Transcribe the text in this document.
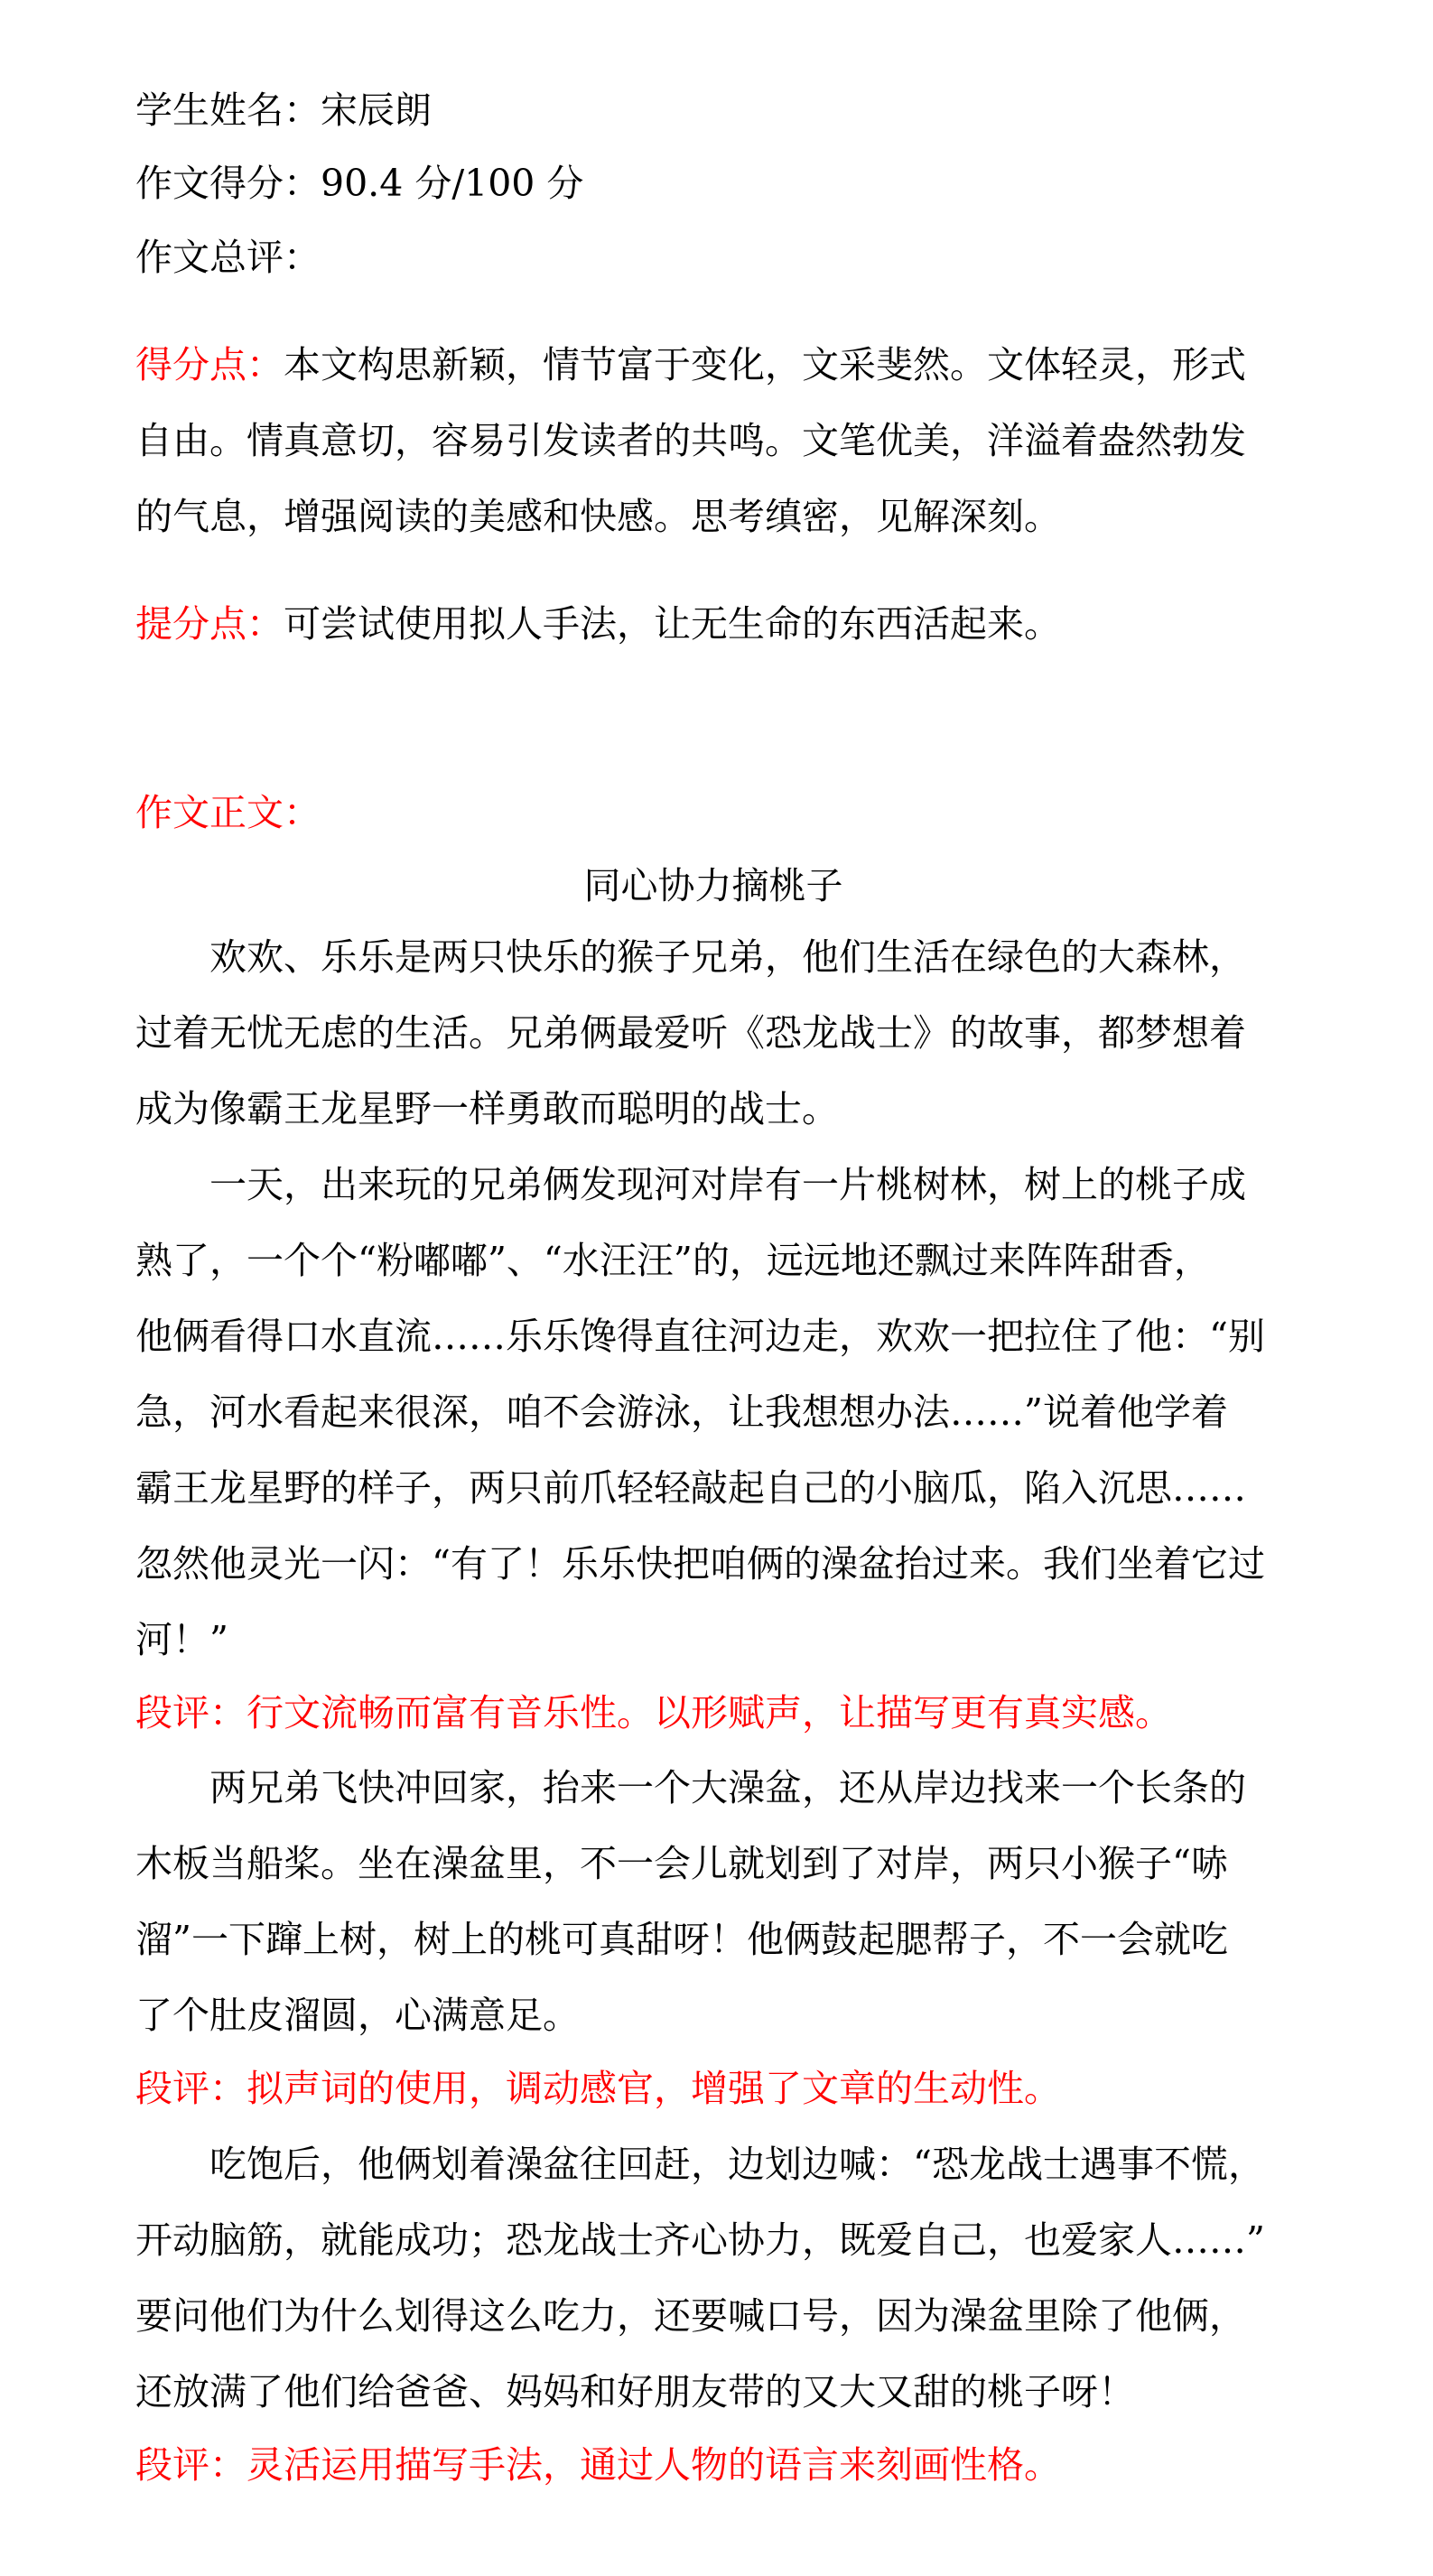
学生姓名：宋辰朗
作文得分：90.4 分/100 分
作文总评：
得分点：本文构思新颖，情节富于变化，文采斐然。文体轻灵，形式
自由。情真意切，容易引发读者的共鸣。文笔优美，洋溢着盎然勃发
的气息，增强阅读的美感和快感。思考缜密，见解深刻。
提分点：可尝试使用拟人手法，让无生命的东西活起来。
作文正文：
同心协力摘桃子
欢欢、乐乐是两只快乐的猴子兄弟，他们生活在绿色的大森林，
过着无忧无虑的生活。兄弟俩最爱听《恐龙战士》的故事，都梦想着
成为像霸王龙星野一样勇敢而聪明的战士。
一天，出来玩的兄弟俩发现河对岸有一片桃树林，树上的桃子成
熟了，一个个“粉嘟嘟”、“水汪汪”的，远远地还飘过来阵阵甜香，
他俩看得口水直流……乐乐馋得直往河边走，欢欢一把拉住了他：“别
急，河水看起来很深，咱不会游泳，让我想想办法……”说着他学着
霸王龙星野的样子，两只前爪轻轻敲起自己的小脑瓜，陷入沉思……
忽然他灵光一闪：“有了！乐乐快把咱俩的澡盆抬过来。我们坐着它过
河！”
段评：行文流畅而富有音乐性。以形赋声，让描写更有真实感。
两兄弟飞快冲回家，抬来一个大澡盆，还从岸边找来一个长条的
木板当船桨。坐在澡盆里，不一会儿就划到了对岸，两只小猴子“哧
溜”一下蹿上树，树上的桃可真甜呀！他俩鼓起腮帮子，不一会就吃
了个肚皮溜圆，心满意足。
段评：拟声词的使用，调动感官，增强了文章的生动性。
吃饱后，他俩划着澡盆往回赶，边划边喊：“恐龙战士遇事不慌，
开动脑筋，就能成功；恐龙战士齐心协力，既爱自己，也爱家人……”
要问他们为什么划得这么吃力，还要喊口号，因为澡盆里除了他俩，
还放满了他们给爸爸、妈妈和好朋友带的又大又甜的桃子呀！
段评：灵活运用描写手法，通过人物的语言来刻画性格。
